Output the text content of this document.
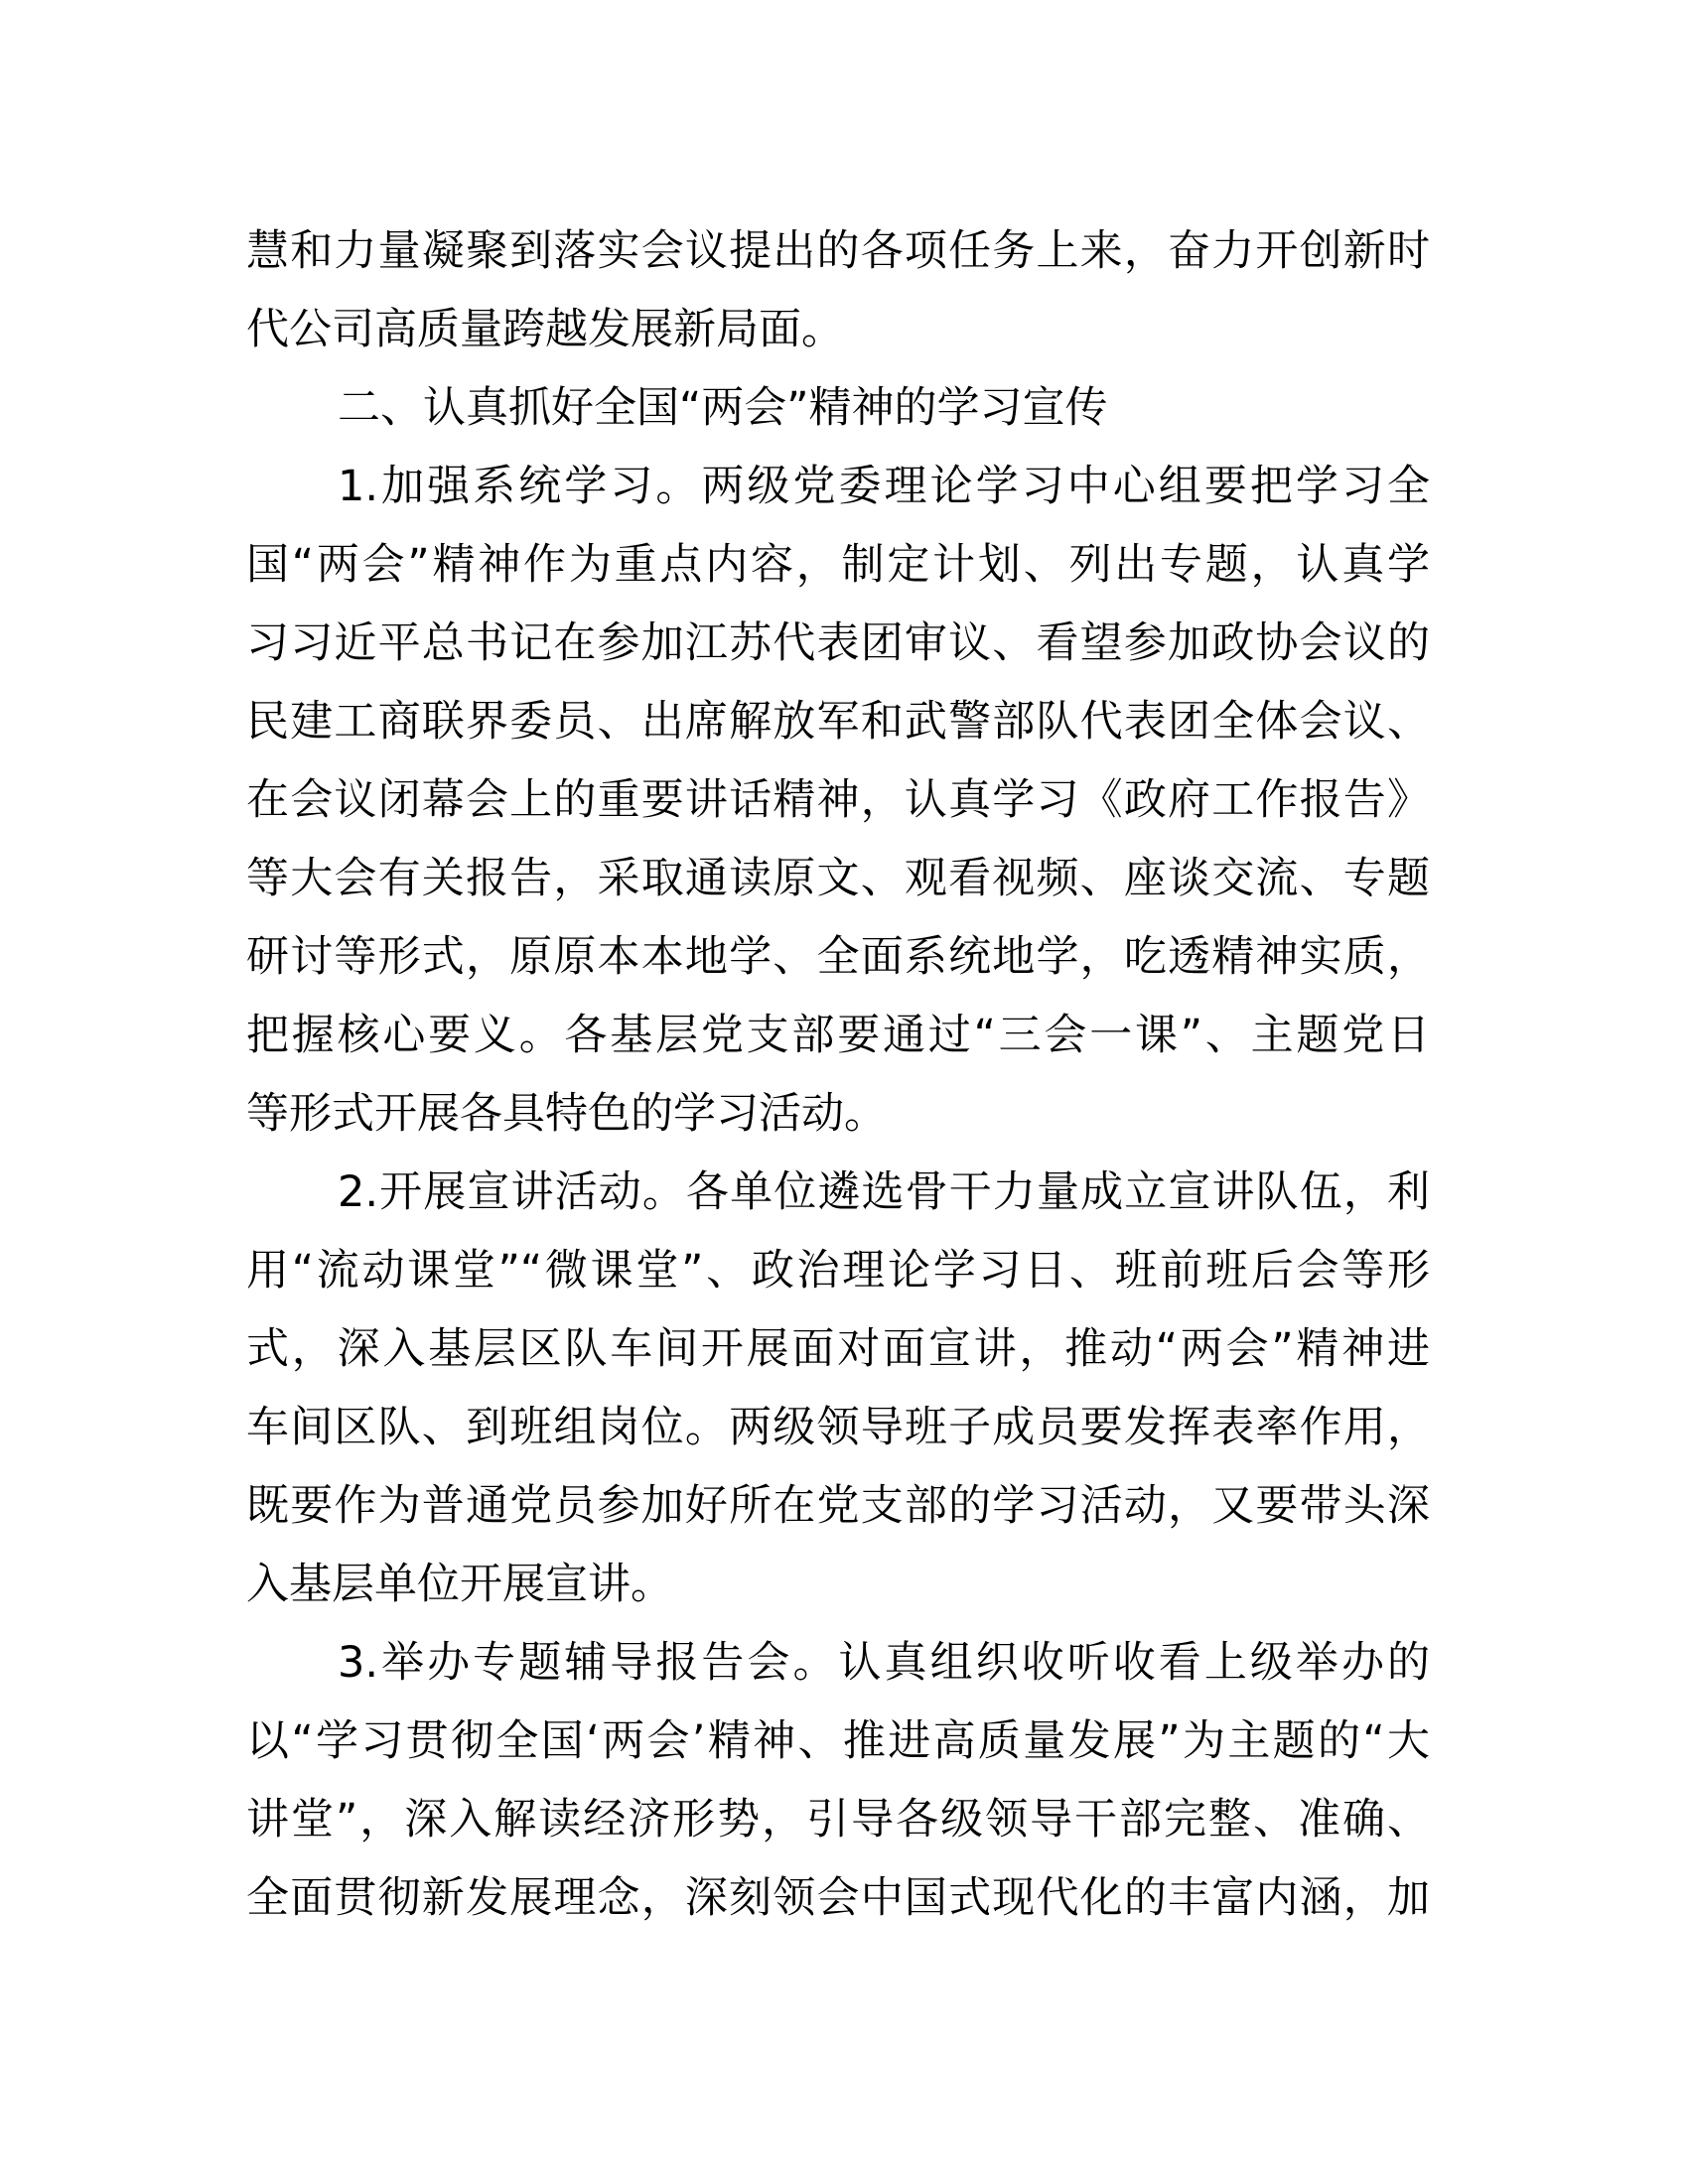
慧和力量凝聚到落实会议提出的各项任务上来，奋力开创新时
代公司高质量跨越发展新局面。
二、认真抓好全国“两会”精神的学习宣传
1.加强系统学习。两级党委理论学习中心组要把学习全
国“两会”精神作为重点内容，制定计划、列出专题，认真学
习习近平总书记在参加江苏代表团审议、看望参加政协会议的
民建工商联界委员、出席解放军和武警部队代表团全体会议、
在会议闭幕会上的重要讲话精神，认真学习《政府工作报告》
等大会有关报告，采取通读原文、观看视频、座谈交流、专题
研讨等形式，原原本本地学、全面系统地学，吃透精神实质，
把握核心要义。各基层党支部要通过“三会一课”、主题党日
等形式开展各具特色的学习活动。
2.开展宣讲活动。各单位遴选骨干力量成立宣讲队伍，利
用“流动课堂”“微课堂”、政治理论学习日、班前班后会等形
式，深入基层区队车间开展面对面宣讲，推动“两会”精神进
车间区队、到班组岗位。两级领导班子成员要发挥表率作用，
既要作为普通党员参加好所在党支部的学习活动，又要带头深
入基层单位开展宣讲。
3.举办专题辅导报告会。认真组织收听收看上级举办的
以“学习贯彻全国‘两会’精神、推进高质量发展”为主题的“大
讲堂”，深入解读经济形势，引导各级领导干部完整、准确、
全面贯彻新发展理念，深刻领会中国式现代化的丰富内涵，加
